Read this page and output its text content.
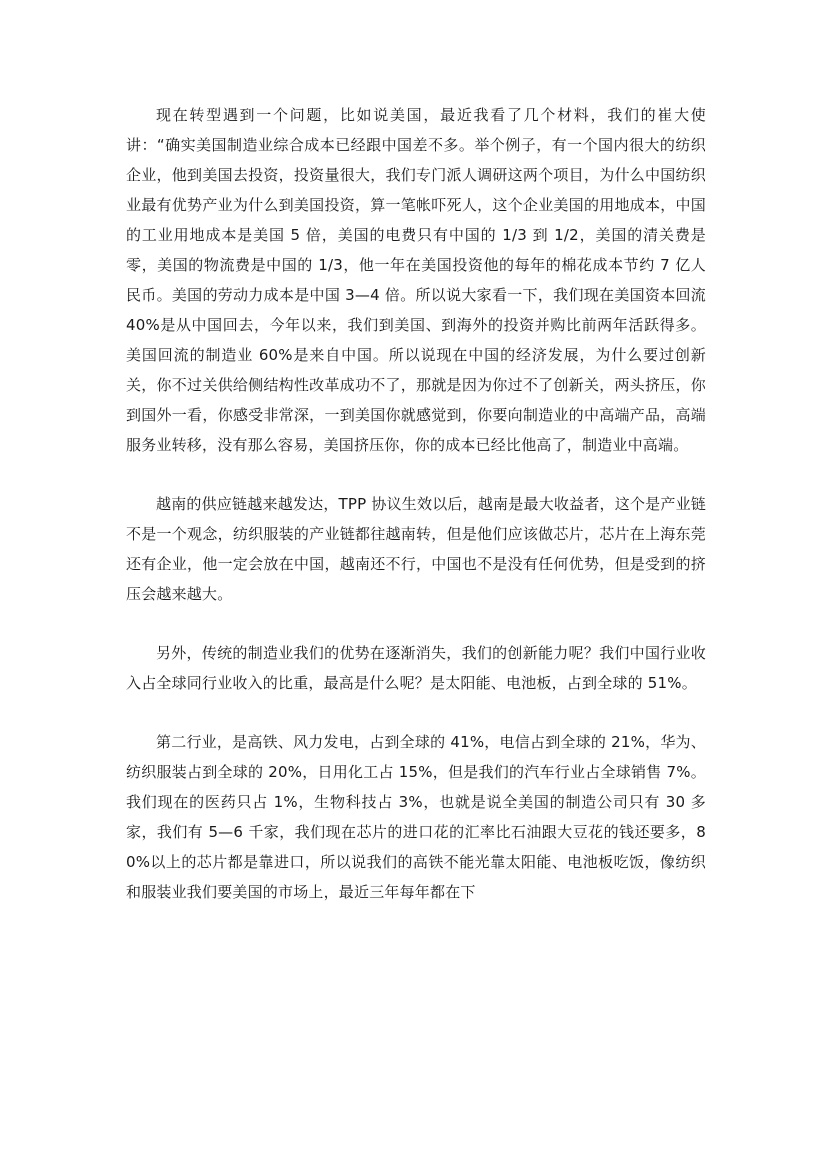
现在转型遇到一个问题，比如说美国，最近我看了几个材料，我们的崔大使讲：“确实美国制造业综合成本已经跟中国差不多。举个例子，有一个国内很大的纺织企业，他到美国去投资，投资量很大，我们专门派人调研这两个项目，为什么中国纺织业最有优势产业为什么到美国投资，算一笔帐吓死人，这个企业美国的用地成本，中国的工业用地成本是美国 5 倍，美国的电费只有中国的 1/3 到 1/2，美国的清关费是零，美国的物流费是中国的 1/3，他一年在美国投资他的每年的棉花成本节约 7 亿人民币。美国的劳动力成本是中国 3—4 倍。所以说大家看一下，我们现在美国资本回流 40%是从中国回去，今年以来，我们到美国、到海外的投资并购比前两年活跃得多。美国回流的制造业 60%是来自中国。所以说现在中国的经济发展，为什么要过创新关，你不过关供给侧结构性改革成功不了，那就是因为你过不了创新关，两头挤压，你到国外一看，你感受非常深，一到美国你就感觉到，你要向制造业的中高端产品，高端服务业转移，没有那么容易，美国挤压你，你的成本已经比他高了，制造业中高端。

越南的供应链越来越发达，TPP 协议生效以后，越南是最大收益者，这个是产业链不是一个观念，纺织服装的产业链都往越南转，但是他们应该做芯片，芯片在上海东莞还有企业，他一定会放在中国，越南还不行，中国也不是没有任何优势，但是受到的挤压会越来越大。

另外，传统的制造业我们的优势在逐渐消失，我们的创新能力呢？我们中国行业收入占全球同行业收入的比重，最高是什么呢？是太阳能、电池板，占到全球的 51%。

第二行业，是高铁、风力发电，占到全球的 41%，电信占到全球的 21%，华为、纺织服装占到全球的 20%，日用化工占 15%，但是我们的汽车行业占全球销售 7%。我们现在的医药只占 1%，生物科技占 3%，也就是说全美国的制造公司只有 30 多家，我们有 5—6 千家，我们现在芯片的进口花的汇率比石油跟大豆花的钱还要多，80%以上的芯片都是靠进口，所以说我们的高铁不能光靠太阳能、电池板吃饭，像纺织和服装业我们要美国的市场上，最近三年每年都在下
